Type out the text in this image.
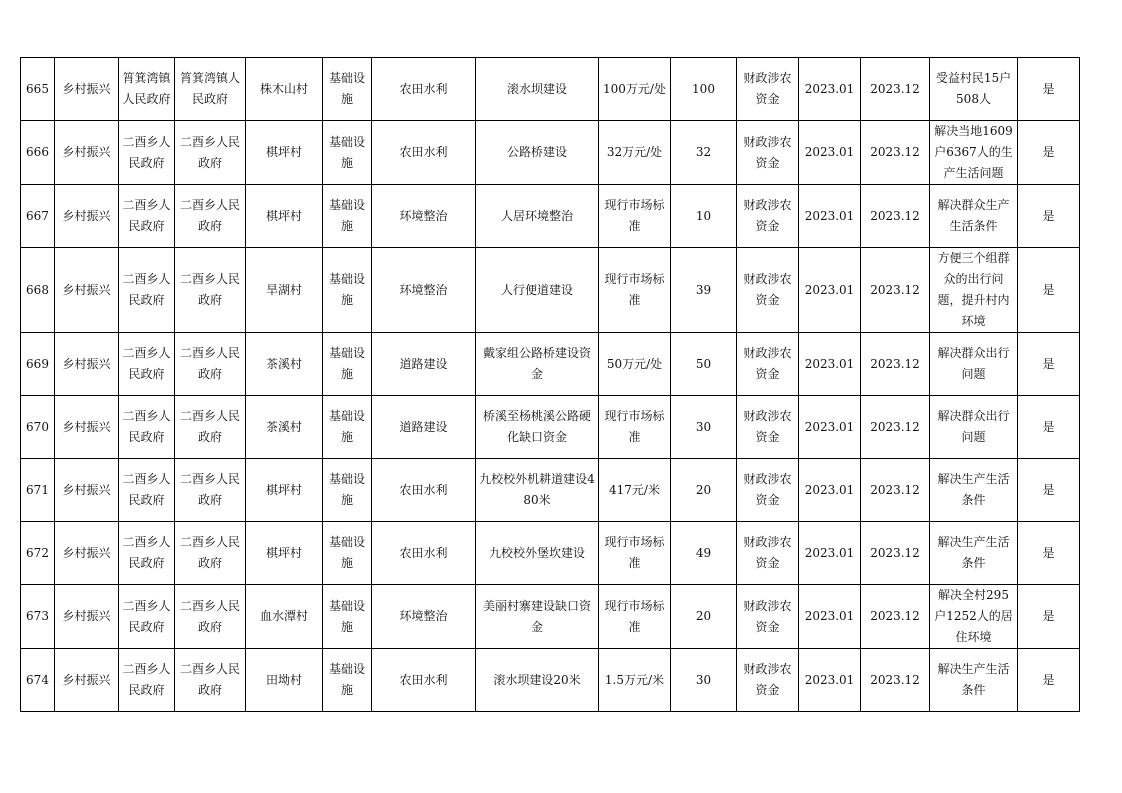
665	乡村振兴	筲箕湾镇人民政府	筲箕湾镇人民政府	株木山村	基础设施	农田水利	滚水坝建设	100万元/处	100	财政涉农资金	2023.01	2023.12	受益村民15户508人	是
666	乡村振兴	二酉乡人民政府	二酉乡人民政府	棋坪村	基础设施	农田水利	公路桥建设	32万元/处	32	财政涉农资金	2023.01	2023.12	解决当地1609户6367人的生产生活问题	是
667	乡村振兴	二酉乡人民政府	二酉乡人民政府	棋坪村	基础设施	环境整治	人居环境整治	现行市场标准	10	财政涉农资金	2023.01	2023.12	解决群众生产生活条件	是
668	乡村振兴	二酉乡人民政府	二酉乡人民政府	旱湖村	基础设施	环境整治	人行便道建设	现行市场标准	39	财政涉农资金	2023.01	2023.12	方便三个组群众的出行问题，提升村内环境	是
669	乡村振兴	二酉乡人民政府	二酉乡人民政府	茶溪村	基础设施	道路建设	戴家组公路桥建设资金	50万元/处	50	财政涉农资金	2023.01	2023.12	解决群众出行问题	是
670	乡村振兴	二酉乡人民政府	二酉乡人民政府	茶溪村	基础设施	道路建设	桥溪至杨桃溪公路硬化缺口资金	现行市场标准	30	财政涉农资金	2023.01	2023.12	解决群众出行问题	是
671	乡村振兴	二酉乡人民政府	二酉乡人民政府	棋坪村	基础设施	农田水利	九校校外机耕道建设480米	417元/米	20	财政涉农资金	2023.01	2023.12	解决生产生活条件	是
672	乡村振兴	二酉乡人民政府	二酉乡人民政府	棋坪村	基础设施	农田水利	九校校外堡坎建设	现行市场标准	49	财政涉农资金	2023.01	2023.12	解决生产生活条件	是
673	乡村振兴	二酉乡人民政府	二酉乡人民政府	血水潭村	基础设施	环境整治	美丽村寨建设缺口资金	现行市场标准	20	财政涉农资金	2023.01	2023.12	解决全村295户1252人的居住环境	是
674	乡村振兴	二酉乡人民政府	二酉乡人民政府	田坳村	基础设施	农田水利	滚水坝建设20米	1.5万元/米	30	财政涉农资金	2023.01	2023.12	解决生产生活条件	是
